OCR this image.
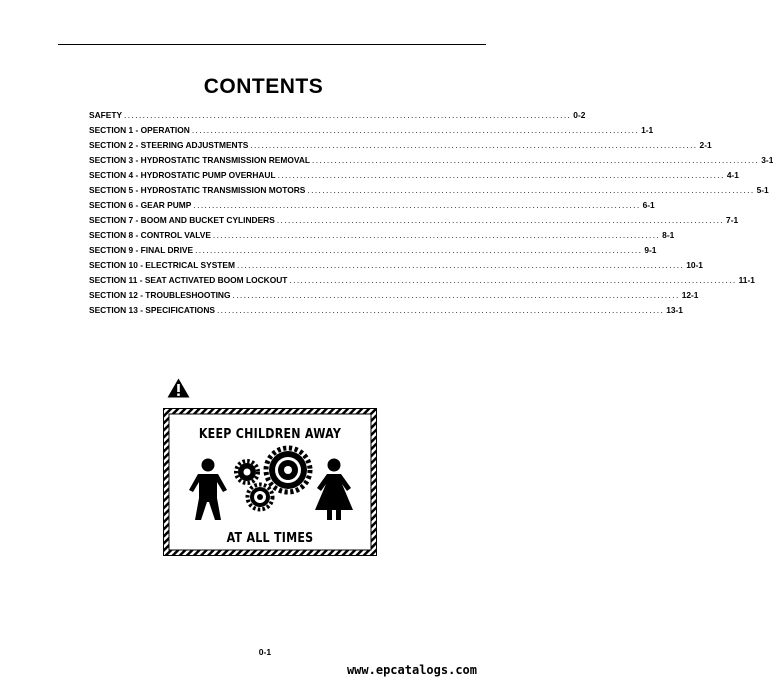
CONTENTS
SAFETY ........................................................................................................................ 0-2
SECTION 1 - OPERATION ........................................................................................................................ 1-1
SECTION 2 - STEERING ADJUSTMENTS ........................................................................................................................ 2-1
SECTION 3 - HYDROSTATIC TRANSMISSION REMOVAL ........................................................................................................................ 3-1
SECTION 4 - HYDROSTATIC PUMP OVERHAUL ........................................................................................................................ 4-1
SECTION 5 - HYDROSTATIC TRANSMISSION MOTORS ........................................................................................................................ 5-1
SECTION 6 - GEAR PUMP ........................................................................................................................ 6-1
SECTION 7 - BOOM AND BUCKET CYLINDERS ........................................................................................................................ 7-1
SECTION 8 - CONTROL VALVE ........................................................................................................................ 8-1
SECTION 9 - FINAL DRIVE ........................................................................................................................ 9-1
SECTION 10 - ELECTRICAL SYSTEM ........................................................................................................................ 10-1
SECTION 11 - SEAT ACTIVATED BOOM LOCKOUT ........................................................................................................................ 11-1
SECTION 12 - TROUBLESHOOTING ........................................................................................................................ 12-1
SECTION 13 - SPECIFICATIONS ........................................................................................................................ 13-1
KEEP CHILDREN AWAY
AT ALL TIMES
0-1
www.epcatalogs.com
